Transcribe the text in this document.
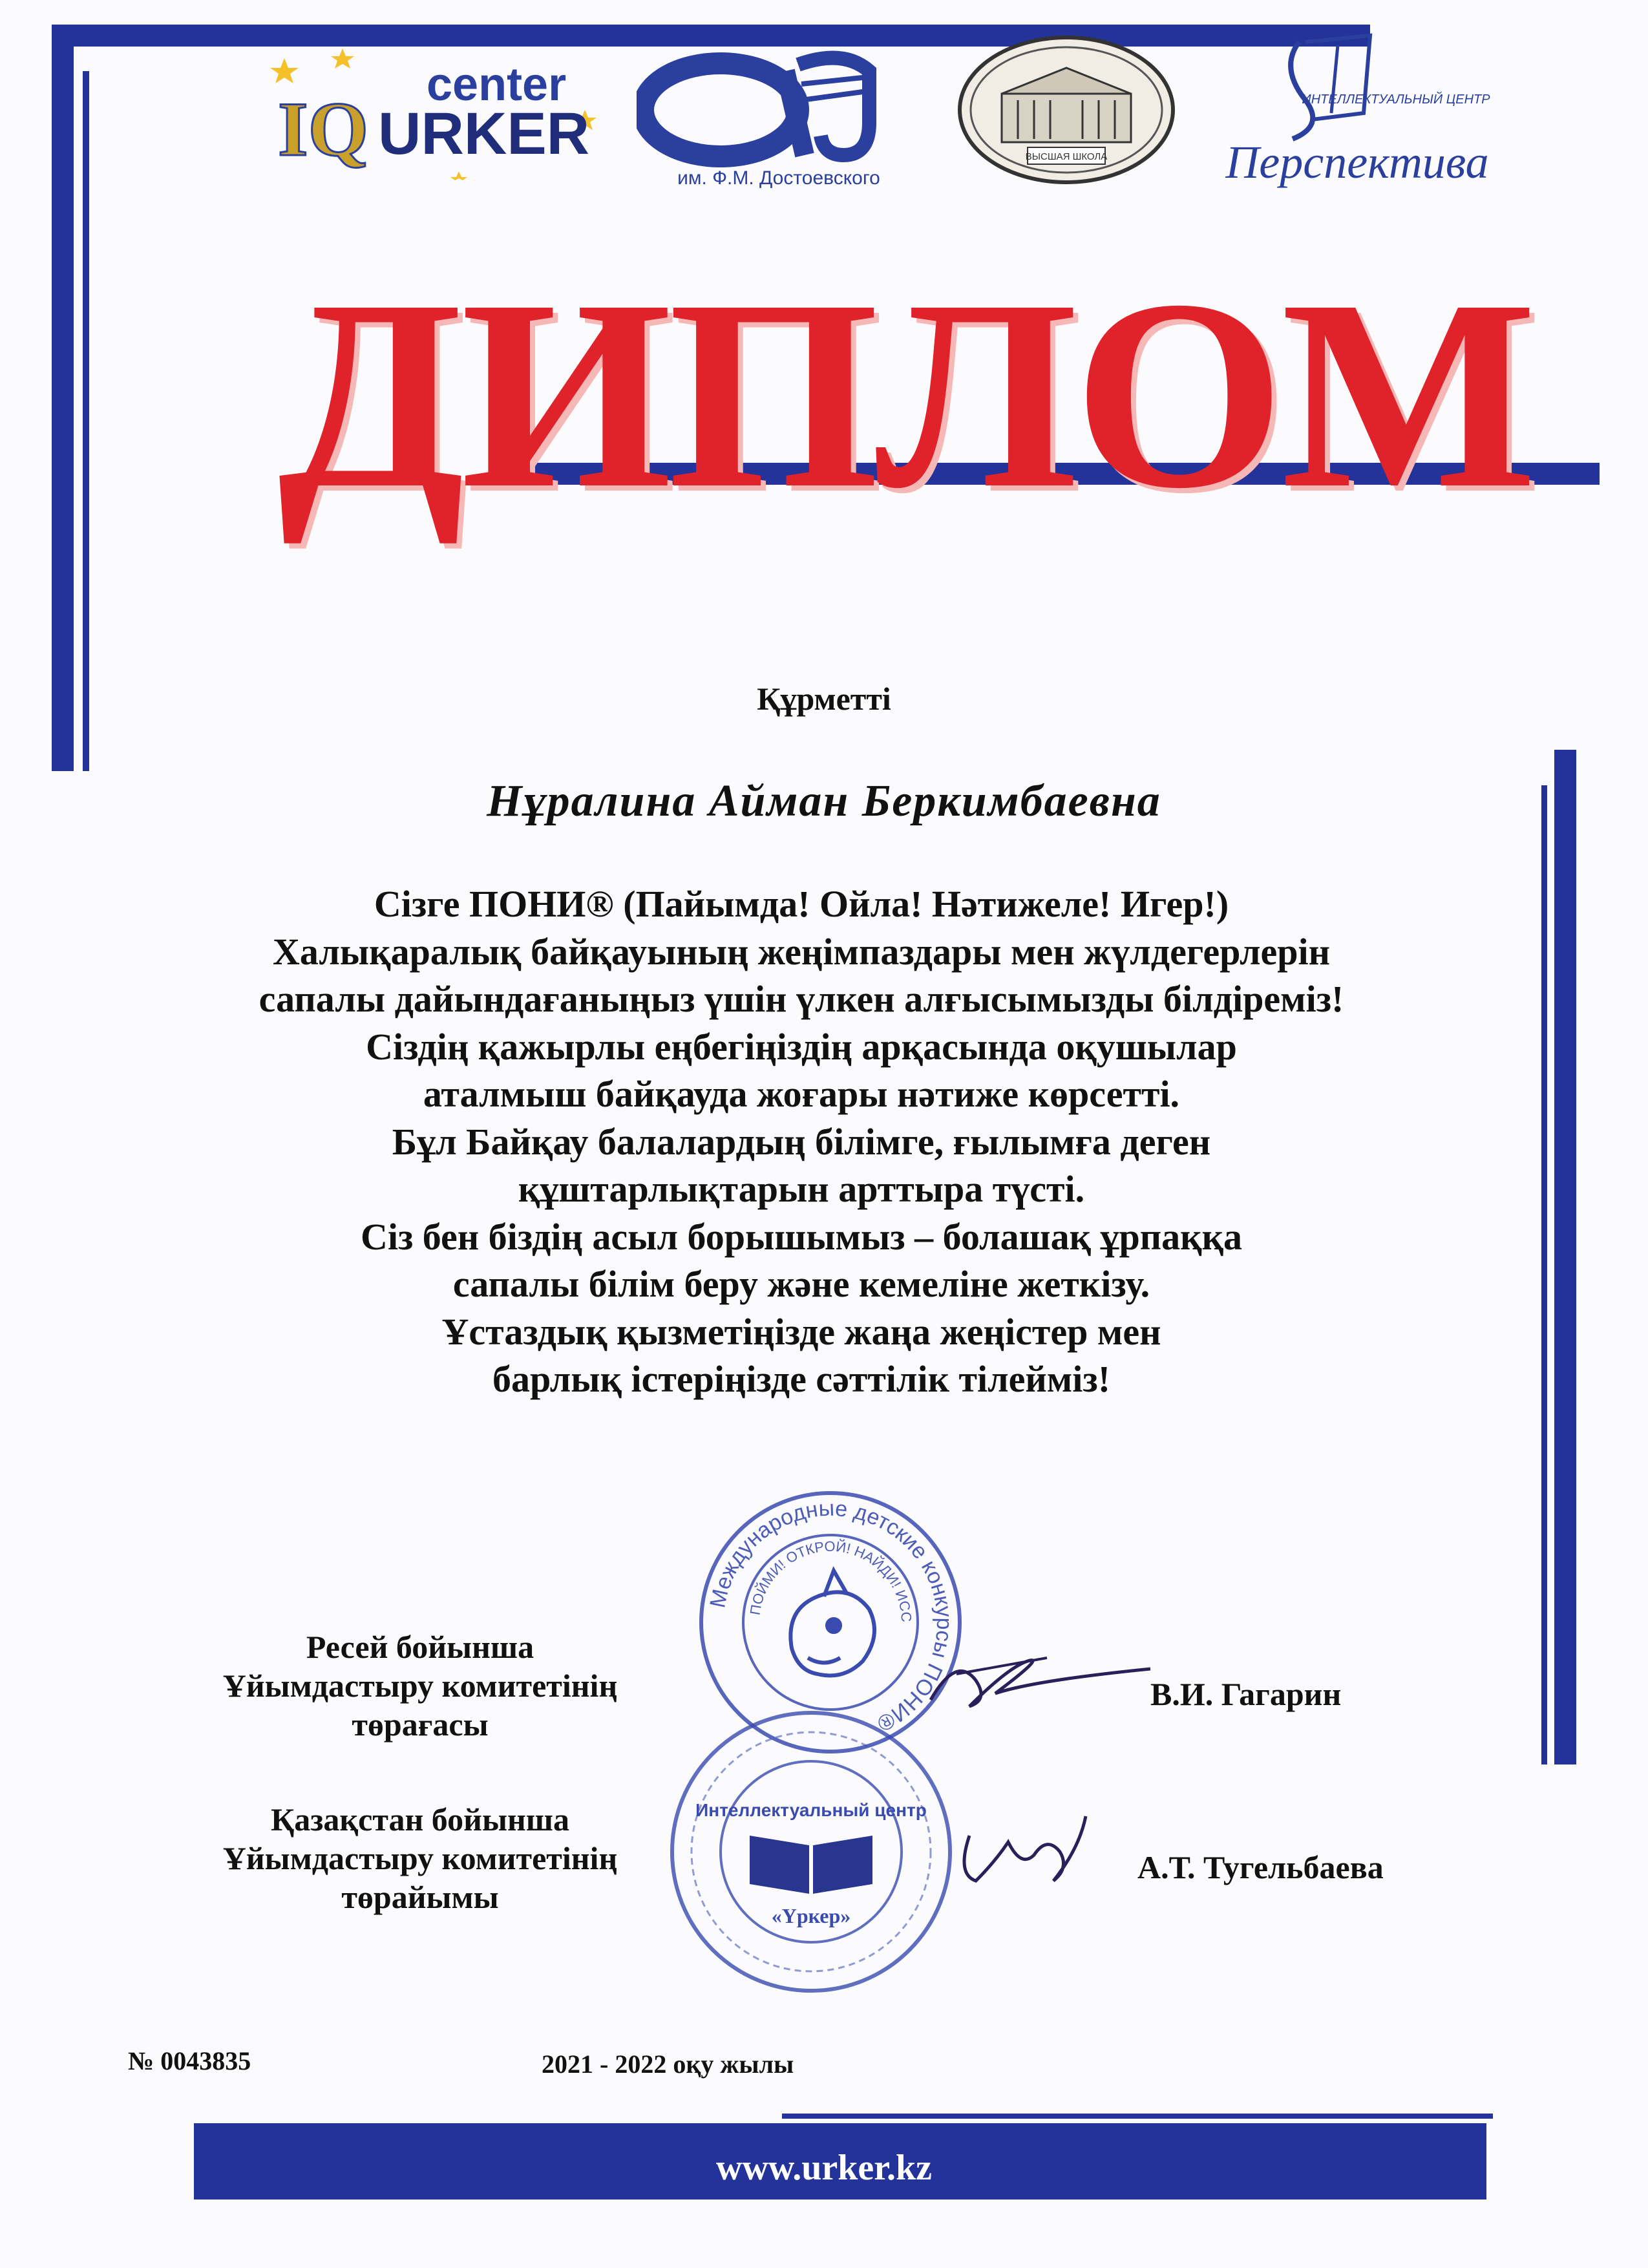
center
IQ URKER
им. Ф.М. Достоевского
ВЫСШАЯ ШКОЛА
ИНТЕЛЛЕКТУАЛЬНЫЙ ЦЕНТР
Перспектива
ДИПЛОМ
Құрметті
Нұралина Айман Беркимбаевна
Сізге ПОНИ® (Пайымда! Ойла! Нәтижеле! Игер!)
Халықаралық байқауының жеңімпаздары мен жүлдегерлерін
сапалы дайындағаныңыз үшін үлкен алғысымызды білдіреміз!
Сіздің қажырлы еңбегіңіздің арқасында оқушылар
аталмыш байқауда жоғары нәтиже көрсетті.
Бұл Байқау балалардың білімге, ғылымға деген
құштарлықтарын арттыра түсті.
Сіз бен біздің асыл борышымыз – болашақ ұрпаққа
сапалы білім беру және кемеліне жеткізу.
Ұстаздық қызметіңізде жаңа жеңістер мен
барлық істеріңізде сәттілік тілейміз!
Международные детские конкурсы ПОНИ®
ПОЙМИ! ОТКРОЙ! НАЙДИ! ИСС
Интеллектуальный центр
«Үркер»
Ресей бойынша
Ұйымдастыру комитетінің
төрағасы
В.И. Гагарин
Қазақстан бойынша
Ұйымдастыру комитетінің
төрайымы
А.Т. Тугельбаева
№ 0043835	2021 - 2022 оқу жылы
www.urker.kz
